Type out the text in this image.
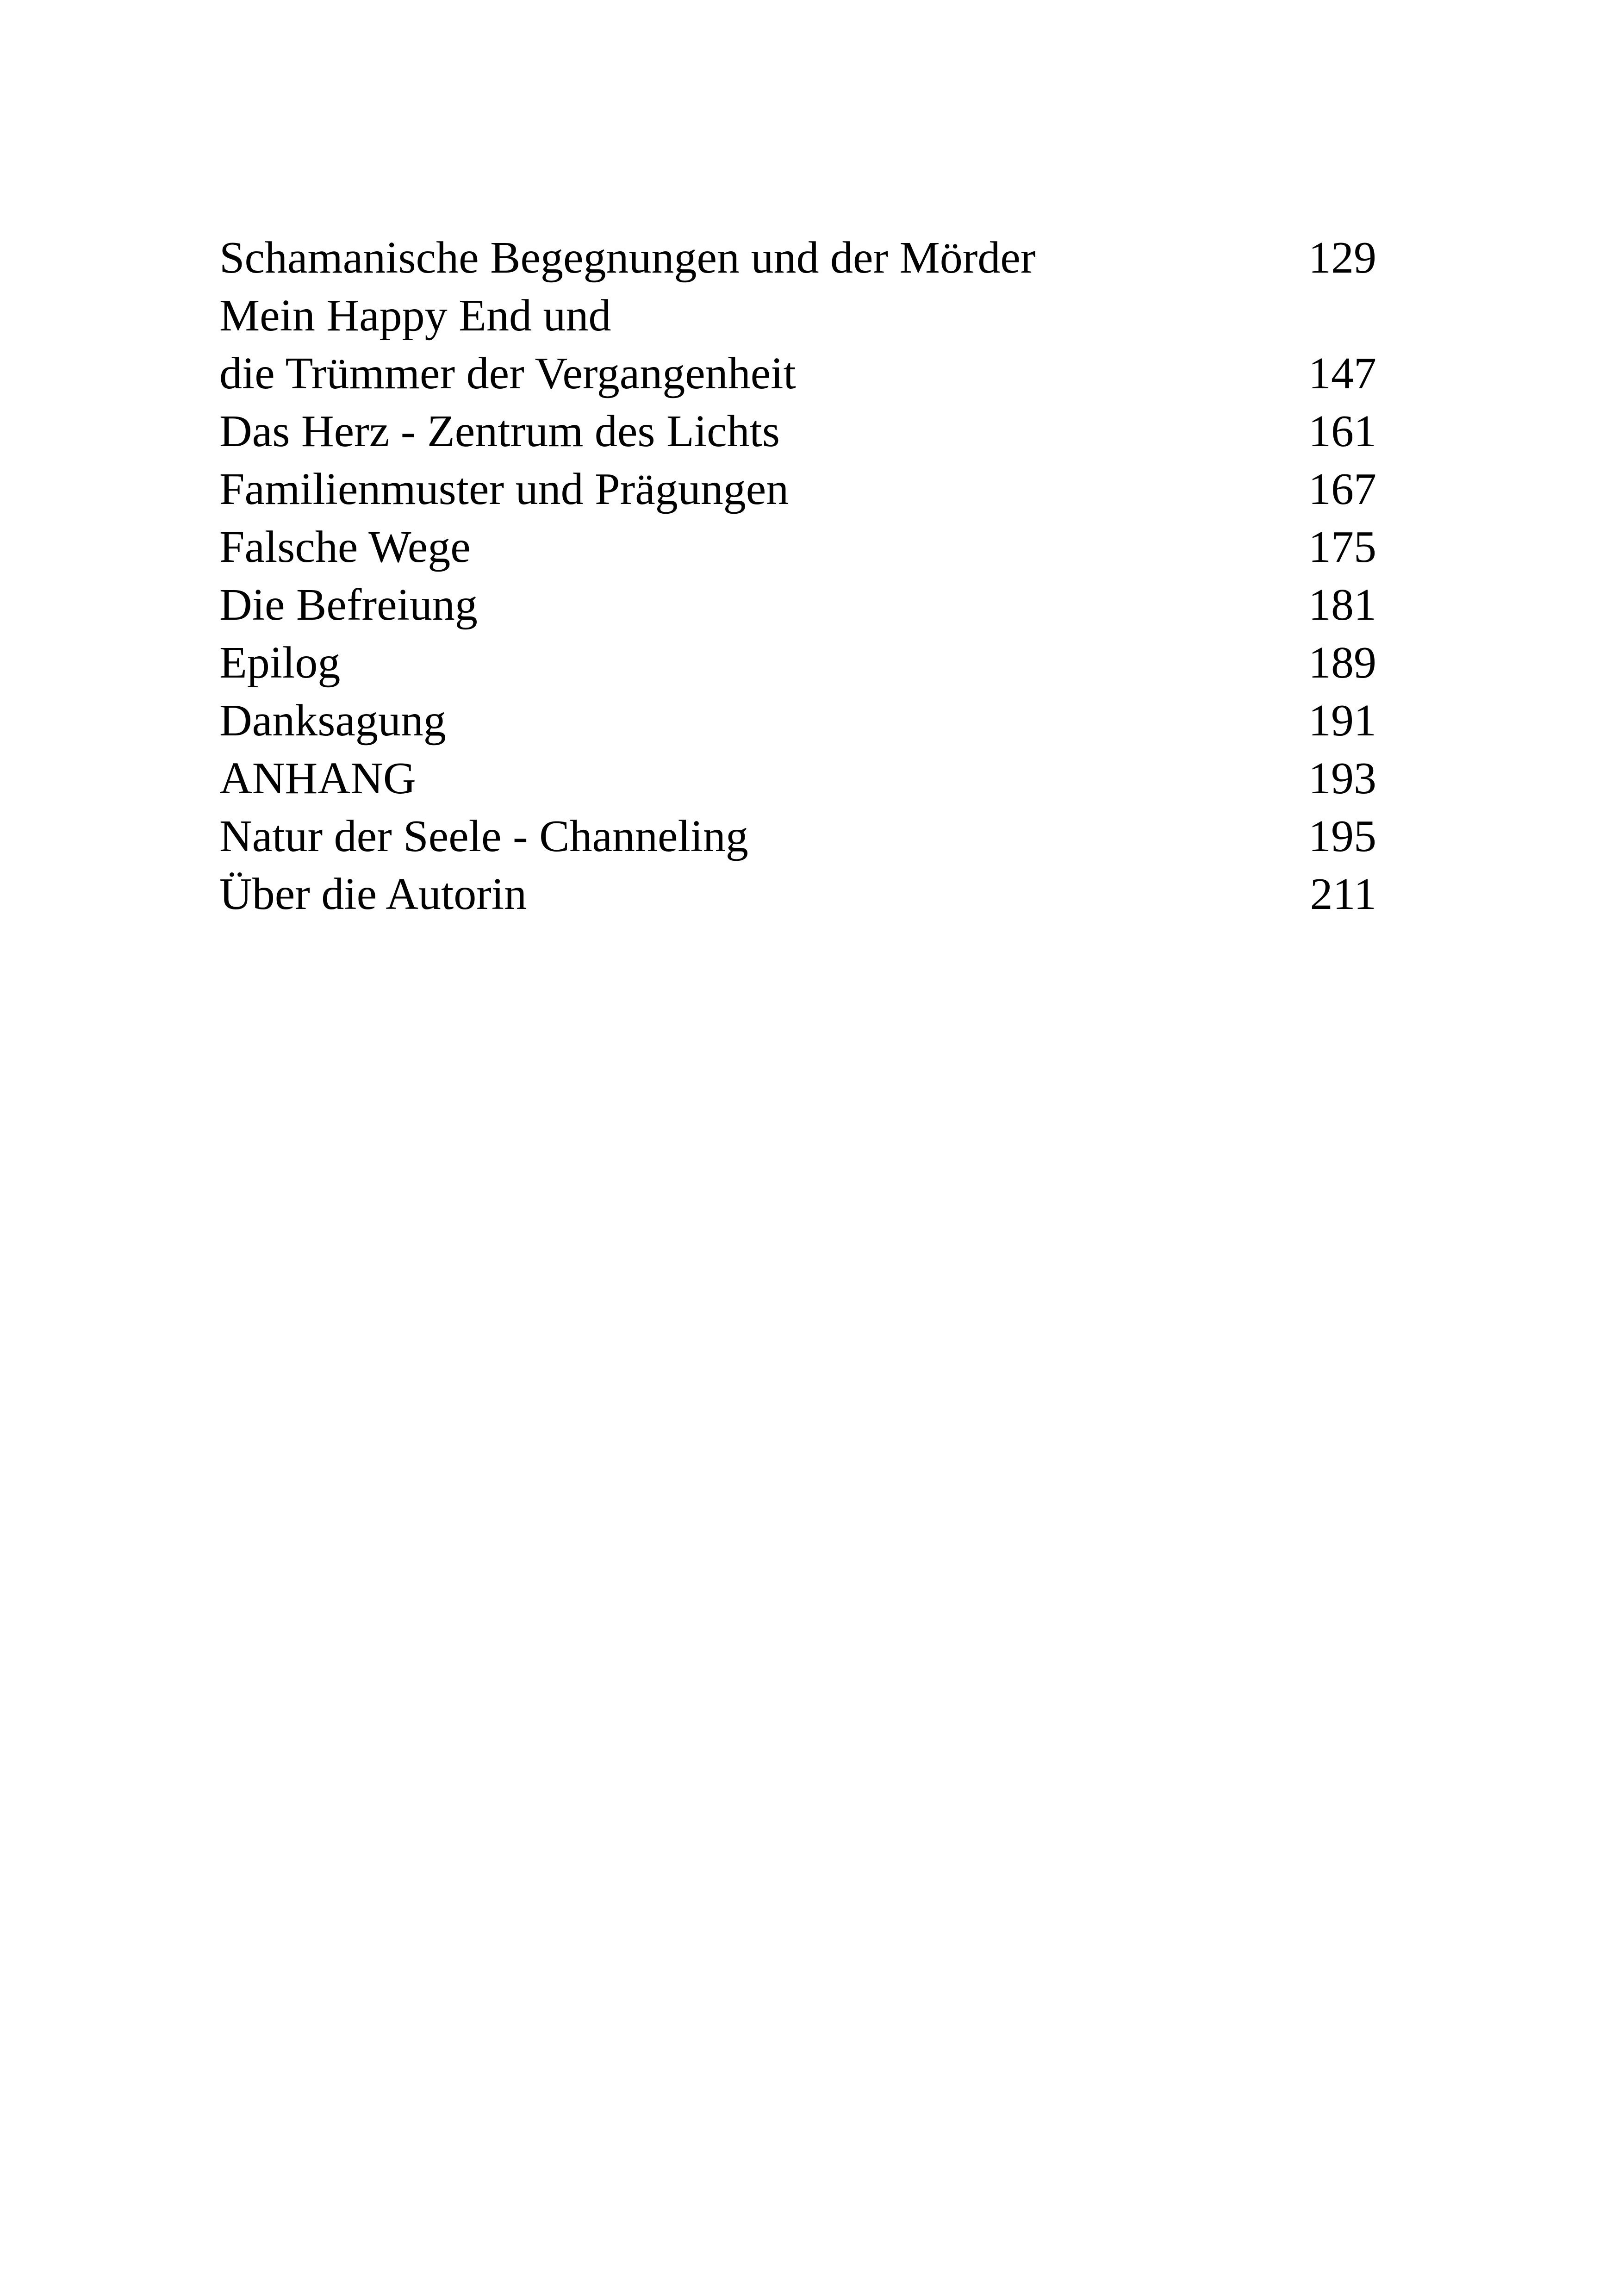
Schamanische Begegnungen und der Mörder	129
Mein Happy End und
die Trümmer der Vergangenheit	147
Das Herz - Zentrum des Lichts	161
Familienmuster und Prägungen	167
Falsche Wege	175
Die Befreiung	181
Epilog	189
Danksagung	191
ANHANG	193
Natur der Seele - Channeling	195
Über die Autorin	211
